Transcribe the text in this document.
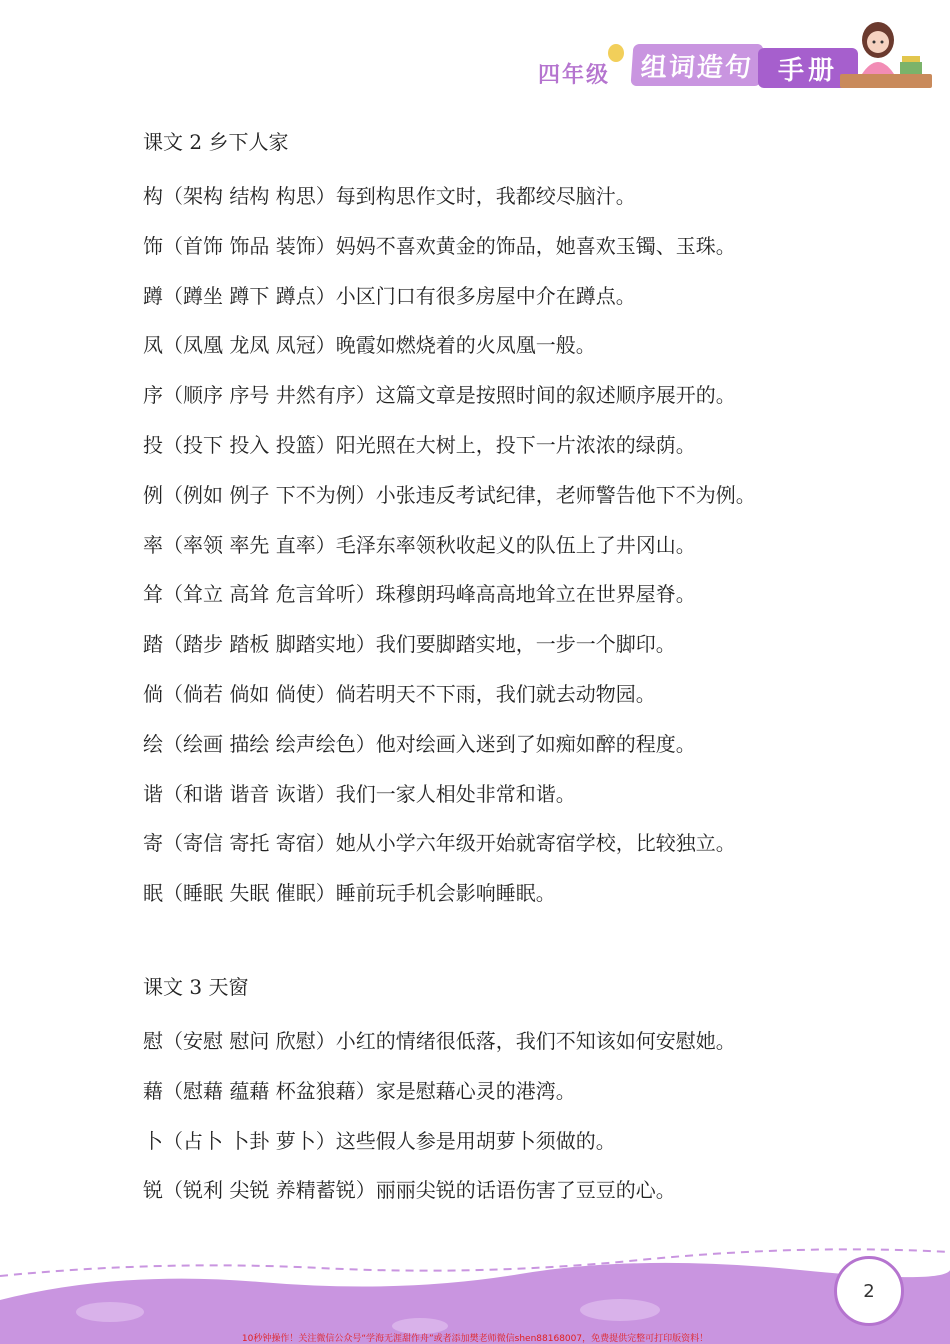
四年级	组词造句 手册
课文 2 乡下人家
构（架构 结构 构思）每到构思作文时，我都绞尽脑汁。
饰（首饰 饰品 装饰）妈妈不喜欢黄金的饰品，她喜欢玉镯、玉珠。
蹲（蹲坐 蹲下 蹲点）小区门口有很多房屋中介在蹲点。
凤（凤凰 龙凤 凤冠）晚霞如燃烧着的火凤凰一般。
序（顺序 序号 井然有序）这篇文章是按照时间的叙述顺序展开的。
投（投下 投入 投篮）阳光照在大树上，投下一片浓浓的绿荫。
例（例如 例子 下不为例）小张违反考试纪律，老师警告他下不为例。
率（率领 率先 直率）毛泽东率领秋收起义的队伍上了井冈山。
耸（耸立 高耸 危言耸听）珠穆朗玛峰高高地耸立在世界屋脊。
踏（踏步 踏板 脚踏实地）我们要脚踏实地，一步一个脚印。
倘（倘若 倘如 倘使）倘若明天不下雨，我们就去动物园。
绘（绘画 描绘 绘声绘色）他对绘画入迷到了如痴如醉的程度。
谐（和谐 谐音 诙谐）我们一家人相处非常和谐。
寄（寄信 寄托 寄宿）她从小学六年级开始就寄宿学校，比较独立。
眠（睡眠 失眠 催眠）睡前玩手机会影响睡眠。
课文 3 天窗
慰（安慰 慰问 欣慰）小红的情绪很低落，我们不知该如何安慰她。
藉（慰藉 蕴藉 杯盆狼藉）家是慰藉心灵的港湾。
卜（占卜 卜卦 萝卜）这些假人参是用胡萝卜须做的。
锐（锐利 尖锐 养精蓄锐）丽丽尖锐的话语伤害了豆豆的心。
2
10秒钟操作！关注微信公众号“学海无涯甜作舟”或者添加樊老师微信shen88168007，免费提供完整可打印版资料！
